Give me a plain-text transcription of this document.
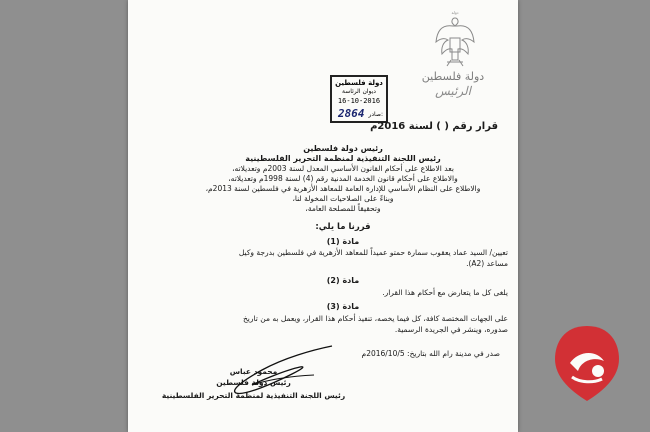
دولة
دولة فلسطين
الرئيس
دولة فلسطين
ديوان الرئاسة
16-10-2016
2864 صادر:
قرار رقم ( ) لسنة 2016م
رئيس دولة فلسطين
رئيس اللجنة التنفيذية لمنظمة التحرير الفلسطينية
بعد الاطلاع على أحكام القانون الأساسي المعدل لسنة 2003م وتعديلاته،
والاطلاع على أحكام قانون الخدمة المدنية رقم (4) لسنة 1998م وتعديلاته،
والاطلاع على النظام الأساسي للإدارة العامة للمعاهد الأزهرية في فلسطين لسنة 2013م،
وبناءً على الصلاحيات المخولة لنا،
وتحقيقاً للمصلحة العامة،
قررنا ما يلي:
مادة (1)
تعيين/ السيد عماد يعقوب سمارة حمتو عميداً للمعاهد الأزهرية في فلسطين بدرجة وكيل
مساعد (A2).
مادة (2)
يلغى كل ما يتعارض مع أحكام هذا القرار.
مادة (3)
على الجهات المختصة كافة، كل فيما يخصه، تنفيذ أحكام هذا القرار، ويعمل به من تاريخ
صدوره، وينشر في الجريدة الرسمية.
صدر في مدينة رام الله بتاريخ: 2016/10/5م
محمود عباس
رئيس دولة فلسطين
رئيس اللجنة التنفيذية لمنظمة التحرير الفلسطينية
